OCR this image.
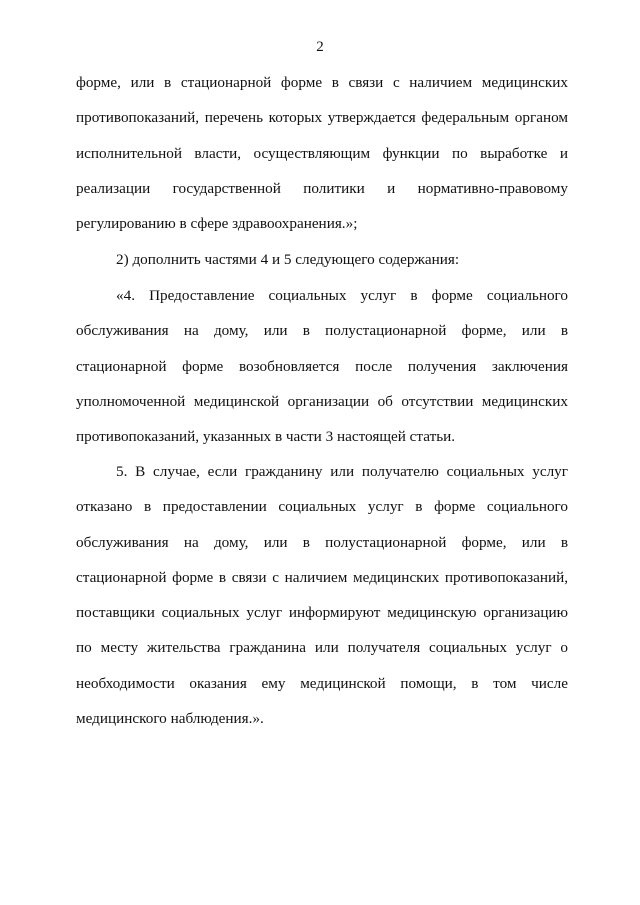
2
форме, или в стационарной форме в связи с наличием медицинских
противопоказаний, перечень которых утверждается федеральным органом
исполнительной власти, осуществляющим функции по выработке и
реализации государственной политики и нормативно-правовому
регулированию в сфере здравоохранения.»;
2) дополнить частями 4 и 5 следующего содержания:
«4. Предоставление социальных услуг в форме социального
обслуживания на дому, или в полустационарной форме, или в
стационарной форме возобновляется после получения заключения
уполномоченной медицинской организации об отсутствии медицинских
противопоказаний, указанных в части 3 настоящей статьи.
5. В случае, если гражданину или получателю социальных услуг
отказано в предоставлении социальных услуг в форме социального
обслуживания на дому, или в полустационарной форме, или в
стационарной форме в связи с наличием медицинских противопоказаний,
поставщики социальных услуг информируют медицинскую организацию
по месту жительства гражданина или получателя социальных услуг о
необходимости оказания ему медицинской помощи, в том числе
медицинского наблюдения.».
